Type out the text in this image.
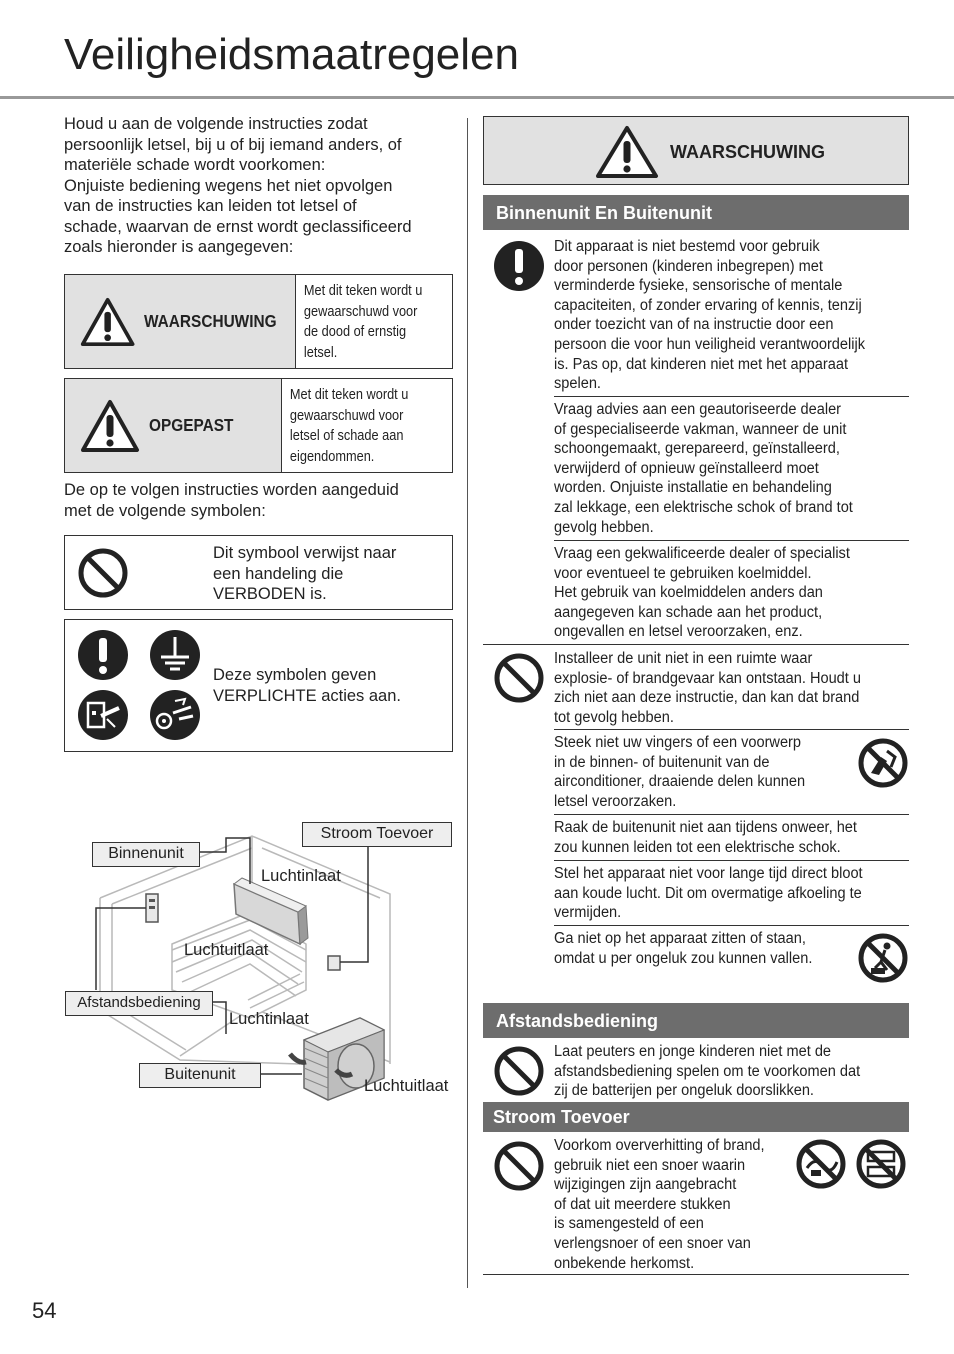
Veiligheidsmaatregelen
Houd u aan de volgende instructies zodat
persoonlijk letsel, bij u of bij iemand anders, of
materiële schade wordt voorkomen:
Onjuiste bediening wegens het niet opvolgen
van de instructies kan leiden tot letsel of
schade, waarvan de ernst wordt geclassificeerd
zoals hieronder is aangegeven:
WAARSCHUWING
Met dit teken wordt u
gewaarschuwd voor
de dood of ernstig
letsel.
OPGEPAST
Met dit teken wordt u
gewaarschuwd voor
letsel of schade aan
eigendommen.
De op te volgen instructies worden aangeduid
met de volgende symbolen:
Dit symbool verwijst naar
een handeling die
VERBODEN is.
Deze symbolen geven
VERPLICHTE acties aan.
Stroom Toevoer
Binnenunit
Luchtinlaat
Luchtuitlaat
Afstandsbediening
Luchtinlaat
Buitenunit
Luchtuitlaat
WAARSCHUWING
Binnenunit En Buitenunit
Dit apparaat is niet bestemd voor gebruik
door personen (kinderen inbegrepen) met
verminderde fysieke, sensorische of mentale
capaciteiten, of zonder ervaring of kennis, tenzij
onder toezicht van of na instructie door een
persoon die voor hun veiligheid verantwoordelijk
is. Pas op, dat kinderen niet met het apparaat
spelen.
Vraag advies aan een geautoriseerde dealer
of gespecialiseerde vakman, wanneer de unit
schoongemaakt, gerepareerd, geïnstalleerd,
verwijderd of opnieuw geïnstalleerd moet
worden. Onjuiste installatie en behandeling
zal lekkage, een elektrische schok of brand tot
gevolg hebben.
Vraag een gekwalificeerde dealer of specialist
voor eventueel te gebruiken koelmiddel.
Het gebruik van koelmiddelen anders dan
aangegeven kan schade aan het product,
ongevallen en letsel veroorzaken, enz.
Installeer de unit niet in een ruimte waar
explosie- of brandgevaar kan ontstaan. Houdt u
zich niet aan deze instructie, dan kan dat brand
tot gevolg hebben.
Steek niet uw vingers of een voorwerp
in de binnen- of buitenunit van de
airconditioner, draaiende delen kunnen
letsel veroorzaken.
Raak de buitenunit niet aan tijdens onweer, het
zou kunnen leiden tot een elektrische schok.
Stel het apparaat niet voor lange tijd direct bloot
aan koude lucht. Dit om overmatige afkoeling te
vermijden.
Ga niet op het apparaat zitten of staan,
omdat u per ongeluk zou kunnen vallen.
Afstandsbediening
Laat peuters en jonge kinderen niet met de
afstandsbediening spelen om te voorkomen dat
zij de batterijen per ongeluk doorslikken.
Stroom Toevoer
Voorkom oververhitting of brand,
gebruik niet een snoer waarin
wijzigingen zijn aangebracht
of dat uit meerdere stukken
is samengesteld of een
verlengsnoer of een snoer van
onbekende herkomst.
54
